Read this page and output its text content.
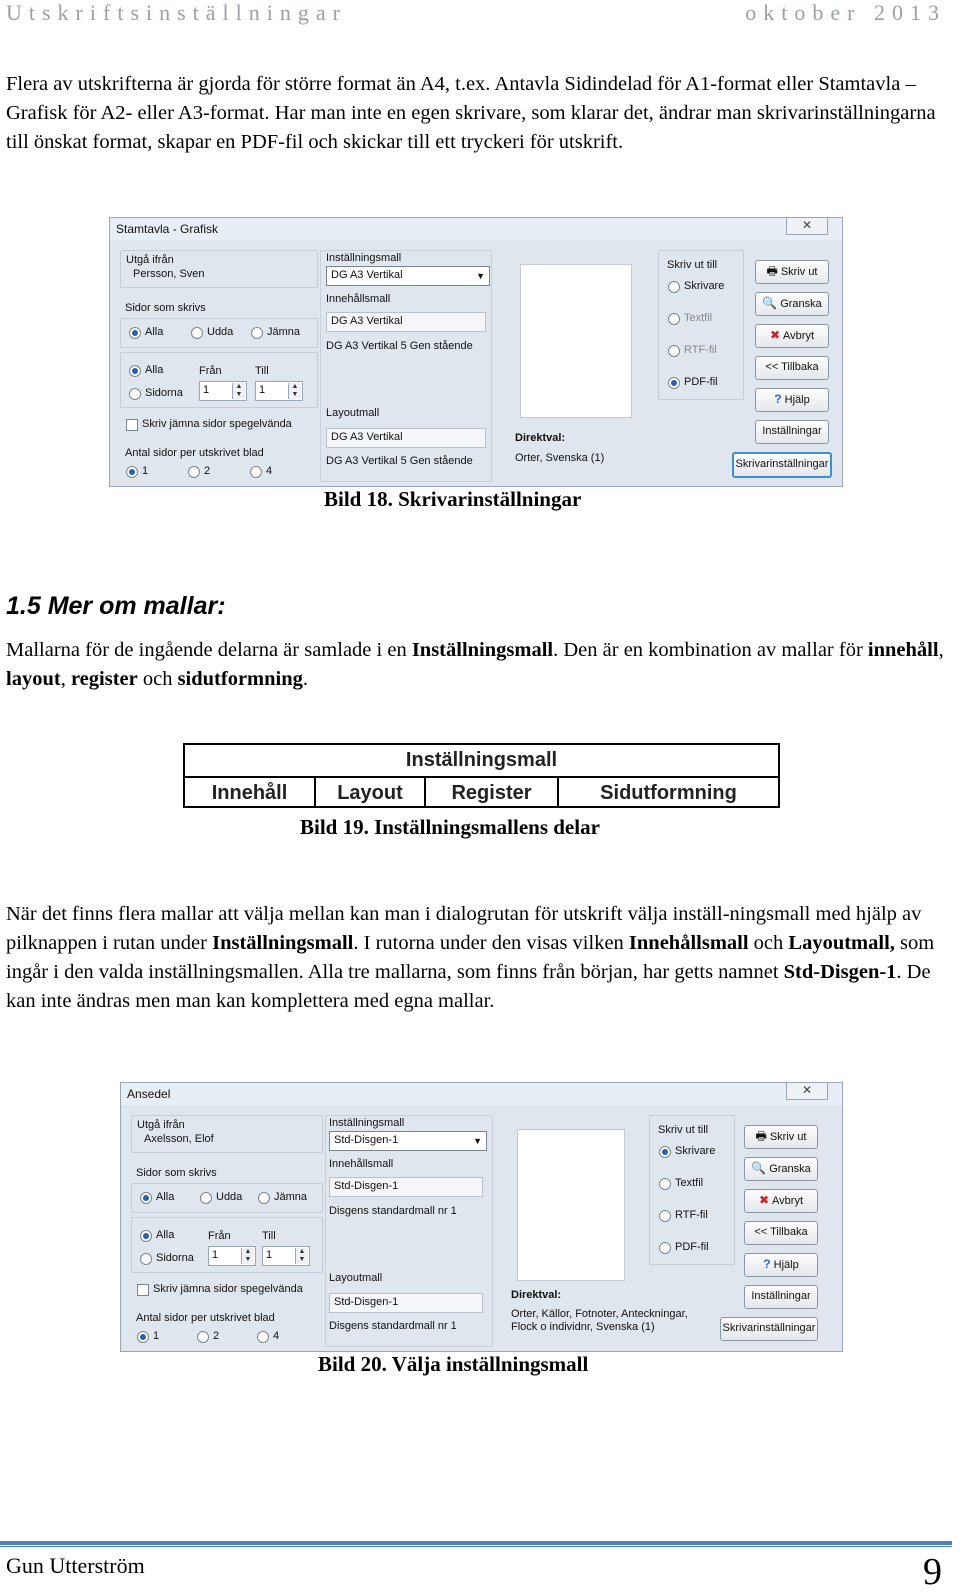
Utskriftsinställningar	oktober 2013

Flera av utskrifterna är gjorda för större format än A4, t.ex. Antavla Sidindelad för A1-format eller Stamtavla – Grafisk för A2- eller A3-format. Har man inte en egen skrivare, som klarar det, ändrar man skrivarinställningarna till önskat format, skapar en PDF-fil och skickar till ett tryckeri för utskrift.

Stamtavla - Grafisk	✕
Utgå ifrån
Persson, Sven
Sidor som skrivs
Alla	Udda	Jämna
Alla
Sidorna
Från	Till
1	▲
▼ 1	▲
▼
Skriv jämna sidor spegelvända
Antal sidor per utskrivet blad
1	2	4
Inställningsmall
DG A3 Vertikal	▼
Innehållsmall
DG A3 Vertikal
DG A3 Vertikal 5 Gen stående
Layoutmall
DG A3 Vertikal
DG A3 Vertikal 5 Gen stående
Direktval:
Orter, Svenska (1)
Skriv ut till
Skrivare
Textfil
RTF-fil
PDF-fil
🖶 Skriv ut
🔍 Granska
✖ Avbryt
<< Tillbaka
? Hjälp
Inställningar
Skrivarinställningar
Bild 18. Skrivarinställningar
1.5 Mer om mallar:

Mallarna för de ingående delarna är samlade i en Inställningsmall. Den är en kombination av mallar för innehåll, layout, register och sidutformning.

Inställningsmall
Innehåll	Layout	Register	Sidutformning
Bild 19. Inställningsmallens delar

När det finns flera mallar att välja mellan kan man i dialogrutan för utskrift välja inställ-ningsmall med hjälp av pilknappen i rutan under Inställningsmall. I rutorna under den visas vilken Innehållsmall och Layoutmall, som ingår i den valda inställningsmallen. Alla tre mallarna, som finns från början, har getts namnet Std-Disgen-1. De kan inte ändras men man kan komplettera med egna mallar.

Ansedel	✕
Utgå ifrån
Axelsson, Elof
Sidor som skrivs
Alla	Udda	Jämna
Alla
Sidorna
Från	Till
1	▲
▼ 1	▲
▼
Skriv jämna sidor spegelvända
Antal sidor per utskrivet blad
1	2	4
Inställningsmall
Std-Disgen-1	▼
Innehållsmall
Std-Disgen-1
Disgens standardmall nr 1
Layoutmall
Std-Disgen-1
Disgens standardmall nr 1
Direktval:
Orter, Källor, Fotnoter, Anteckningar, Flock o individnr, Svenska (1)
Skriv ut till
Skrivare
Textfil
RTF-fil
PDF-fil
🖶 Skriv ut
🔍 Granska
✖ Avbryt
<< Tillbaka
? Hjälp
Inställningar
Skrivarinställningar
Bild 20. Välja inställningsmall
Gun Utterström	9
